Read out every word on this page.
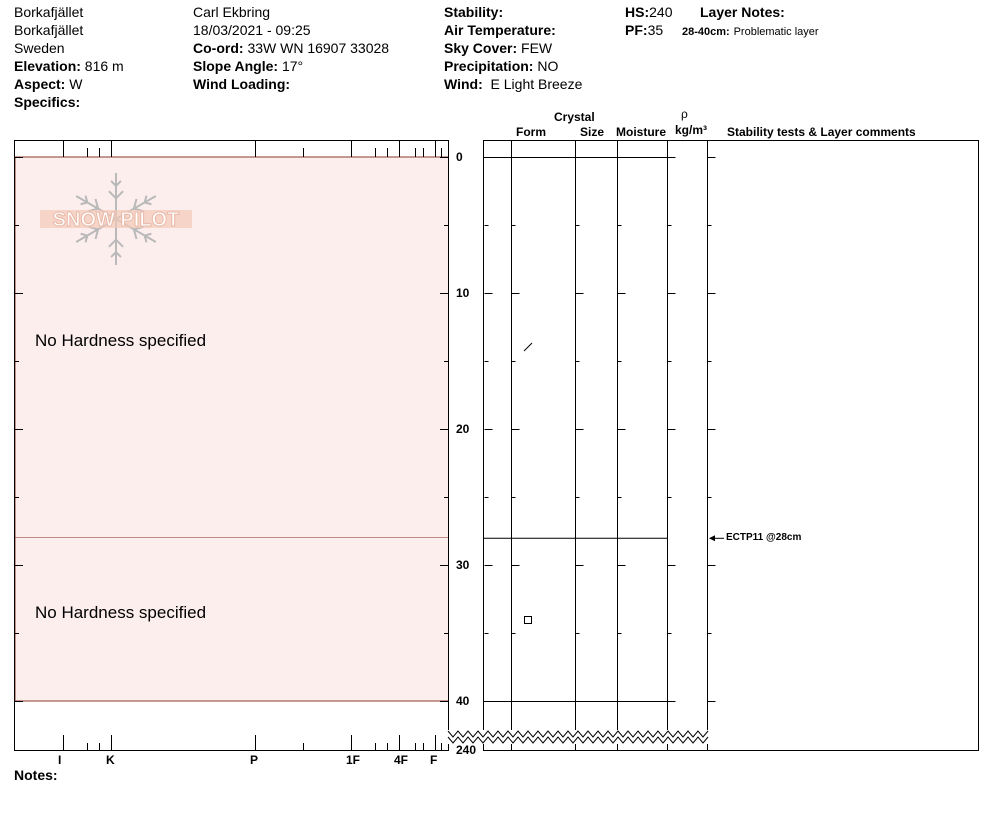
Borkafjället
Borkafjället
Sweden
Elevation: 816 m
Aspect: W
Specifics:
Carl Ekbring
18/03/2021 - 09:25
Co-ord: 33W WN 16907 33028
Slope Angle: 17°
Wind Loading:
Stability:
Air Temperature:
Sky Cover: FEW
Precipitation: NO
Wind: E Light Breeze
HS:240
PF:35
Layer Notes:
28-40cm: Problematic layer
Crystal
Form	Size Moisture
ρ
kg/m³ Stability tests & Layer comments
SNOW PILOT
No Hardness specified
No Hardness specified
0
10
20
30
40
240
I	K	P	1F	4F F
ECTP11 @28cm
Notes:
